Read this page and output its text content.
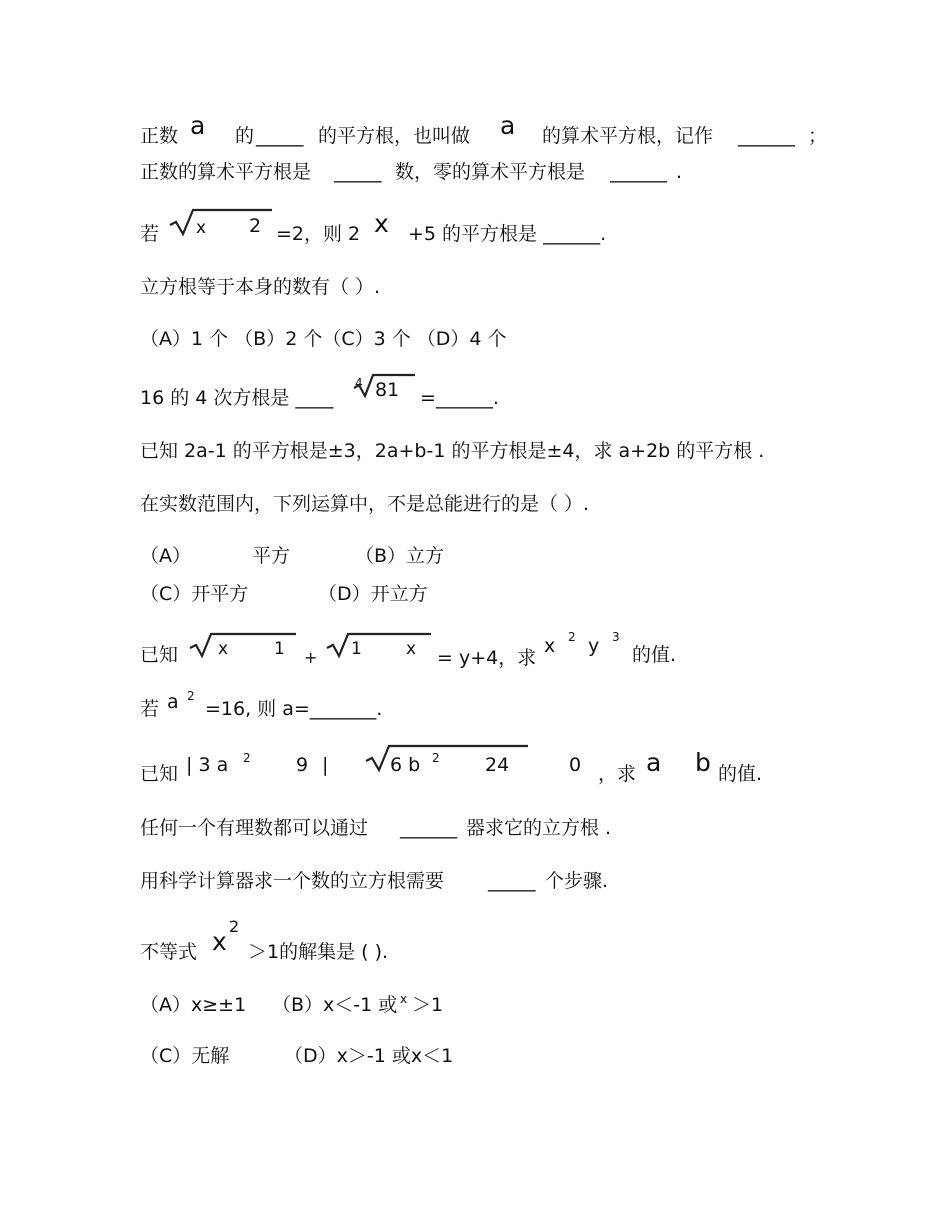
正数 a 的 _____ 的平方根，也叫做 a 的算术平方根，记作 ______ ；
正数的算术平方根是 _____ 数，零的算术平方根是 ______ .
若 x 2 =2，则 2 x +5 的平方根是 ______.
立方根等于本身的数有（ ）.
（A）1 个 （B）2 个（C）3 个 （D）4 个
16 的 4 次方根是 ____
4 81 =______.
已知 2a-1 的平方根是±3，2a+b-1 的平方根是±4，求 a+2b 的平方根 .
在实数范围内，下列运算中，不是总能进行的是（ ）.
（A）	平方	（B）立方
（C）开平方	（D）开立方
已知 x	1 + 1	x = y+4，求
x 2 y 3
的值.
若 a 2
=16, 则 a=_______.
已知 | 3 a 2 9 |	6 b 2 24	0 ，求 a b 的值.
任何一个有理数都可以通过 ______ 器求它的立方根 .
用科学计算器求一个数的立方根需要 _____ 个步骤.
不等式 x
2
＞1的解集是 ( ).
（A）x≥±1 （B）x＜-1 或 x ＞1
（C）无解	（D）x＞-1 或x＜1
